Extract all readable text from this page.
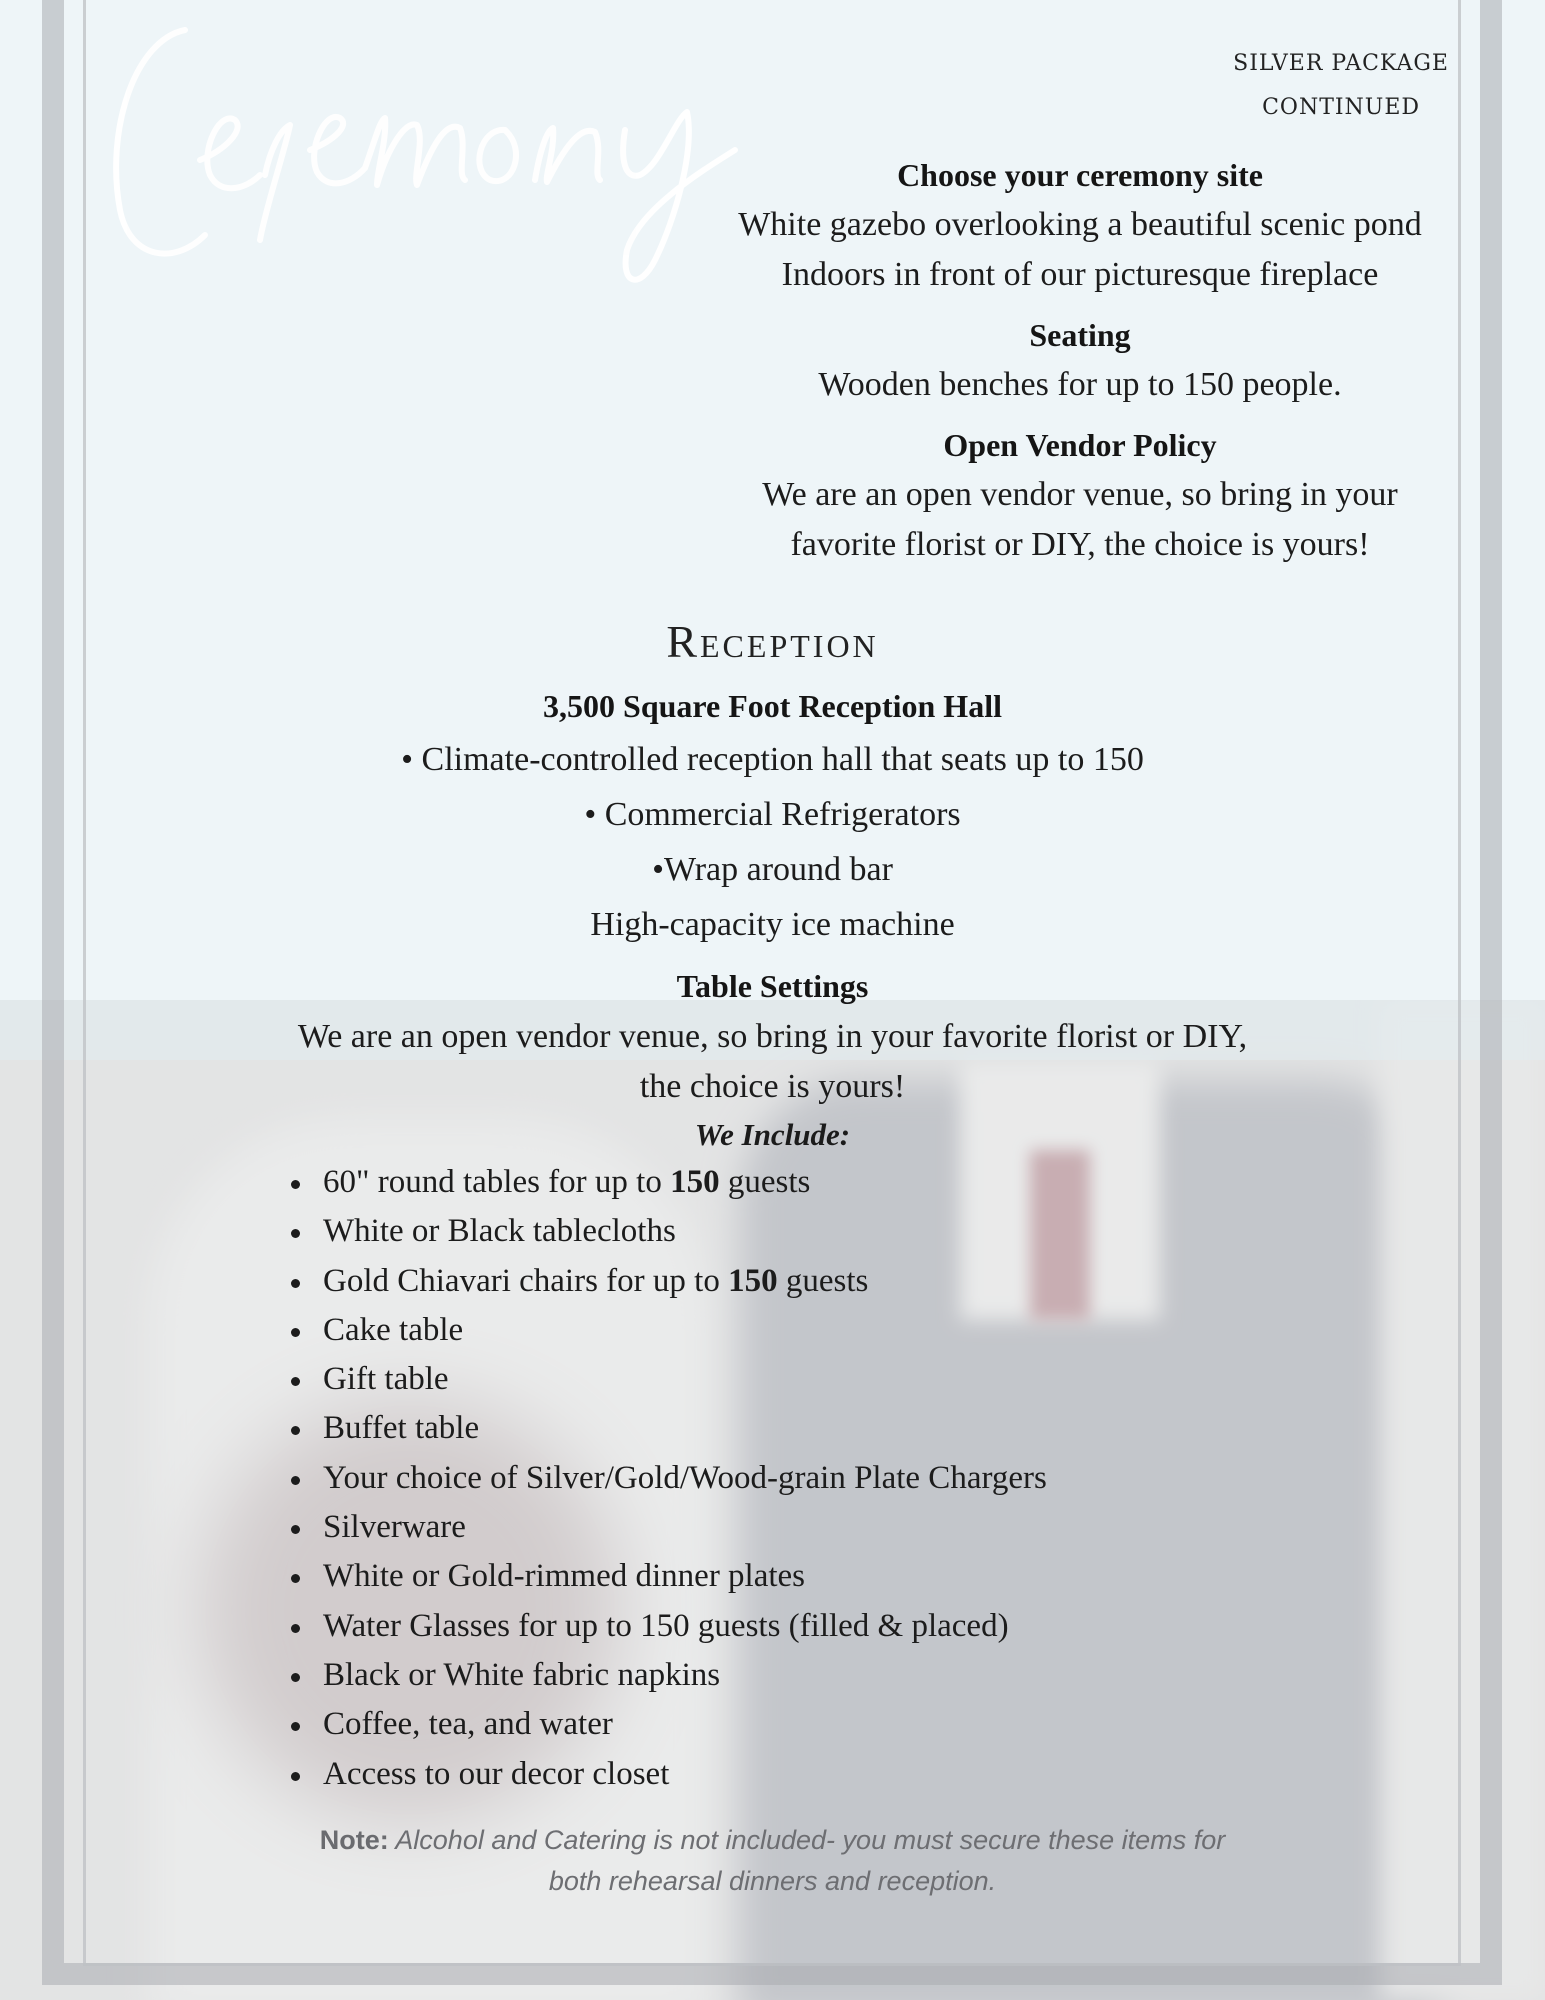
SILVER PACKAGE
CONTINUED
Choose your ceremony site
White gazebo overlooking a beautiful scenic pond
Indoors in front of our picturesque fireplace
Seating
Wooden benches for up to 150 people.
Open Vendor Policy
We are an open vendor venue, so bring in your
favorite florist or DIY, the choice is yours!
Reception
3,500 Square Foot Reception Hall
• Climate-controlled reception hall that seats up to 150
• Commercial Refrigerators
•Wrap around bar
High-capacity ice machine
Table Settings
We are an open vendor venue, so bring in your favorite florist or DIY,
the choice is yours!
We Include:
60" round tables for up to 150 guests
White or Black tablecloths
Gold Chiavari chairs for up to 150 guests
Cake table
Gift table
Buffet table
Your choice of Silver/Gold/Wood-grain Plate Chargers
Silverware
White or Gold-rimmed dinner plates
Water Glasses for up to 150 guests (filled & placed)
Black or White fabric napkins
Coffee, tea, and water
Access to our decor closet
Note: Alcohol and Catering is not included- you must secure these items for
both rehearsal dinners and reception.
